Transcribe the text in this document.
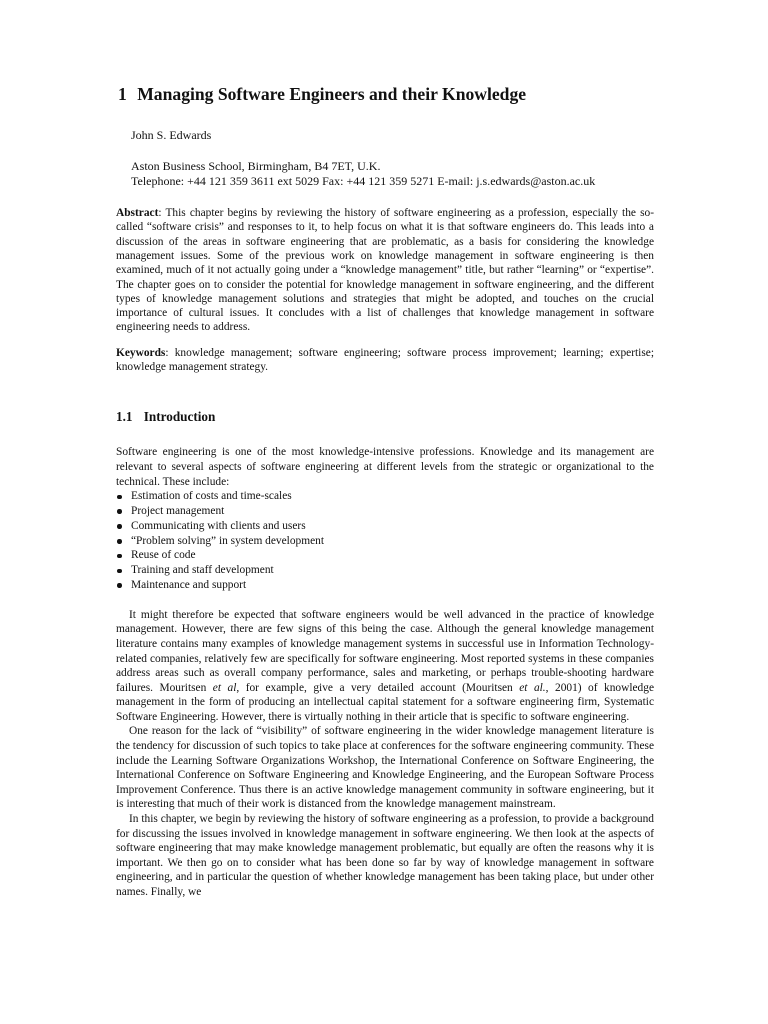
1 Managing Software Engineers and their Knowledge

John S. Edwards

Aston Business School, Birmingham, B4 7ET, U.K.

Telephone: +44 121 359 3611 ext 5029 Fax: +44 121 359 5271 E-mail: j.s.edwards@aston.ac.uk

Abstract: This chapter begins by reviewing the history of software engineering as a profession, especially the so-called “software crisis” and responses to it, to help focus on what it is that software engineers do. This leads into a discussion of the areas in software engineering that are problematic, as a basis for considering the knowledge management issues. Some of the previous work on knowledge management in software engineering is then examined, much of it not actually going under a “knowledge management” title, but rather “learning” or “expertise”. The chapter goes on to consider the potential for knowledge management in software engineering, and the different types of knowledge management solutions and strategies that might be adopted, and touches on the crucial importance of cultural issues. It concludes with a list of challenges that knowledge management in software engineering needs to address.

Keywords: knowledge management; software engineering; software process improvement; learning; expertise; knowledge management strategy.

1.1 Introduction

Software engineering is one of the most knowledge-intensive professions. Knowledge and its management are relevant to several aspects of software engineering at different levels from the strategic or organizational to the technical. These include:

Estimation of costs and time-scales
Project management
Communicating with clients and users
“Problem solving” in system development
Reuse of code
Training and staff development
Maintenance and support

It might therefore be expected that software engineers would be well advanced in the practice of knowledge management. However, there are few signs of this being the case. Although the general knowledge management literature contains many examples of knowledge management systems in successful use in Information Technology-related companies, relatively few are specifically for software engineering. Most reported systems in these companies address areas such as overall company performance, sales and marketing, or perhaps trouble-shooting hardware failures. Mouritsen et al, for example, give a very detailed account (Mouritsen et al., 2001) of knowledge management in the form of producing an intellectual capital statement for a software engineering firm, Systematic Software Engineering. However, there is virtually nothing in their article that is specific to software engineering.

One reason for the lack of “visibility” of software engineering in the wider knowledge management literature is the tendency for discussion of such topics to take place at conferences for the software engineering community. These include the Learning Software Organizations Workshop, the International Conference on Software Engineering, the International Conference on Software Engineering and Knowledge Engineering, and the European Software Process Improvement Conference. Thus there is an active knowledge management community in software engineering, but it is interesting that much of their work is distanced from the knowledge management mainstream.

In this chapter, we begin by reviewing the history of software engineering as a profession, to provide a background for discussing the issues involved in knowledge management in software engineering. We then look at the aspects of software engineering that may make knowledge management problematic, but equally are often the reasons why it is important. We then go on to consider what has been done so far by way of knowledge management in software engineering, and in particular the question of whether knowledge management has been taking place, but under other names. Finally, we
